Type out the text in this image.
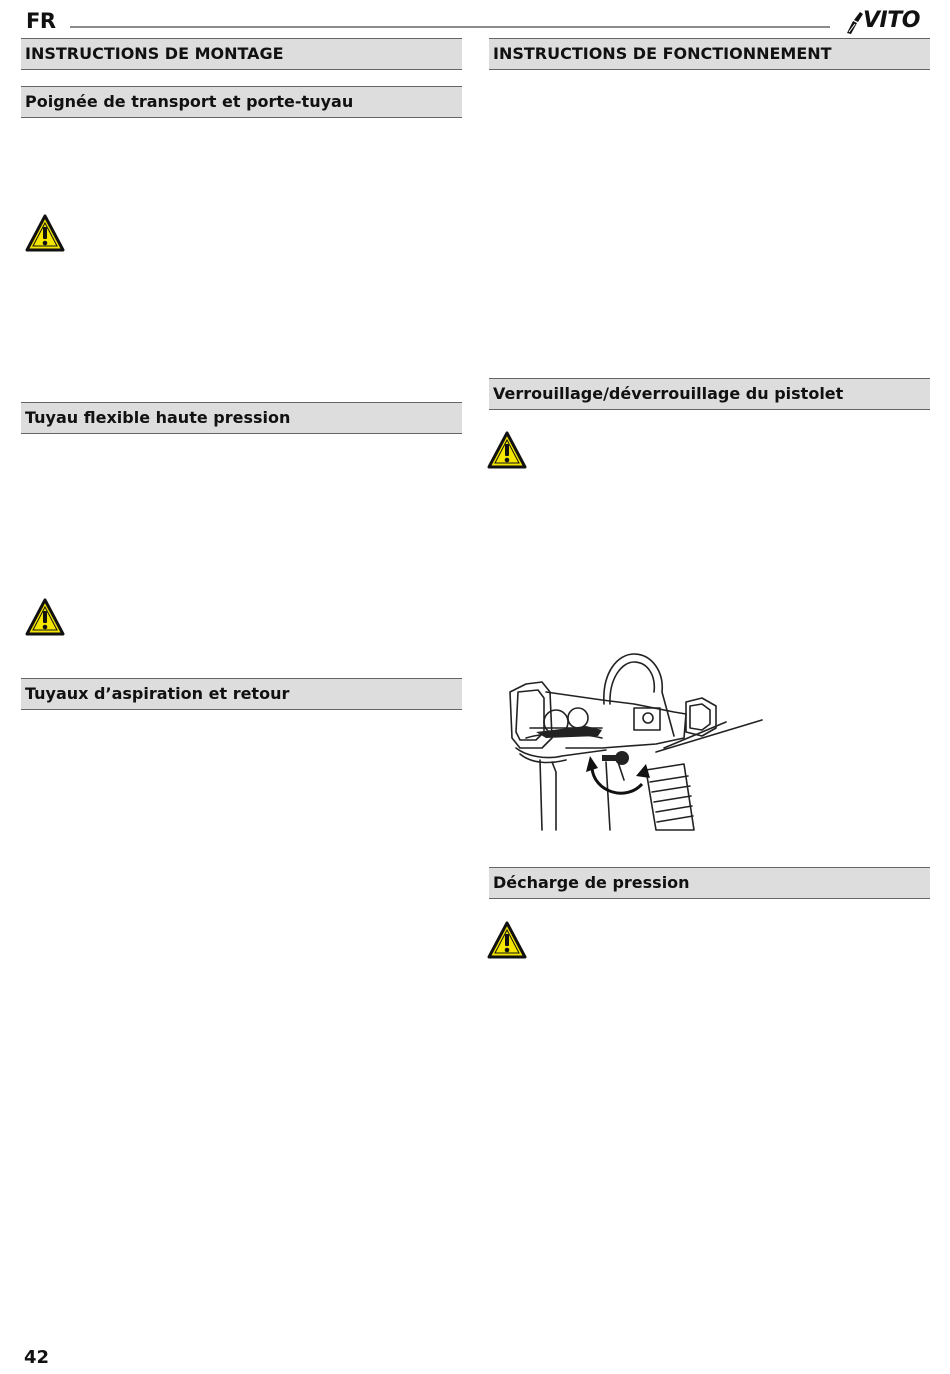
FR	VITO
INSTRUCTIONS DE MONTAGE
Poignée de transport et porte-tuyau
Tuyau flexible haute pression
Tuyaux d’aspiration et retour
INSTRUCTIONS DE FONCTIONNEMENT
Verrouillage/déverrouillage du pistolet
Décharge de pression
42
